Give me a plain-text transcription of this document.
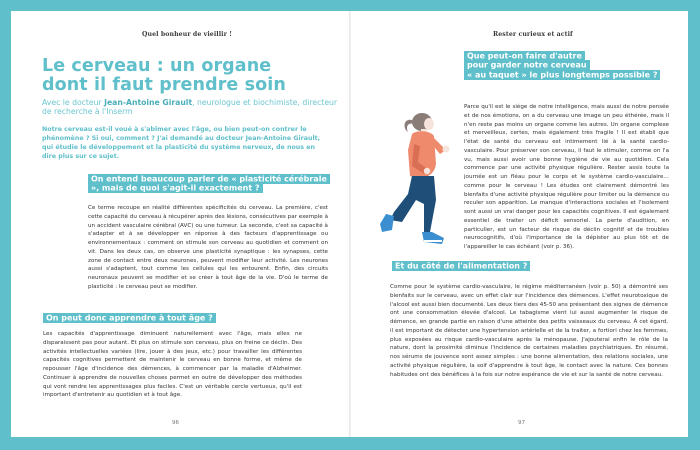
Quel bonheur de vieillir !
Le cerveau : un organe
dont il faut prendre soin
Avec le docteur Jean-Antoine Girault, neurologue et biochimiste, directeur de recherche à l'Inserm
Notre cerveau est-il voué à s'abîmer avec l'âge, ou bien peut-on contrer le phénomène ? Si oui, comment ? J'ai demandé au docteur Jean-Antoine Girault, qui étudie le développement et la plasticité du système nerveux, de nous en dire plus sur ce sujet.
On entend beaucoup parler de « plasticité cérébrale », mais de quoi s'agit-il exactement ?

Ce terme recoupe en réalité différentes spécificités du cerveau. La première, c'est cette capacité du cerveau à récupérer après des lésions, consécutives par exemple à un accident vasculaire cérébral (AVC) ou une tumeur. La seconde, c'est sa capacité à s'adapter et à se développer en réponse à des facteurs d'apprentissage ou environnementaux : comment on stimule son cerveau au quotidien et comment on vit. Dans les deux cas, on observe une plasticité synaptique : les synapses, cette zone de contact entre deux neurones, peuvent modifier leur activité. Les neurones aussi s'adaptent, tout comme les cellules qui les entourent. Enfin, des circuits neuronaux peuvent se modifier et se créer à tout âge de la vie. D'où le terme de plasticité : le cerveau peut se modifier.

On peut donc apprendre à tout âge ?

Les capacités d'apprentissage diminuent naturellement avec l'âge, mais elles ne disparaissent pas pour autant. Et plus on stimule son cerveau, plus on freine ce déclin. Des activités intellectuelles variées (lire, jouer à des jeux, etc.) pour travailler les différentes capacités cognitives permettent de maintenir le cerveau en bonne forme, et même de repousser l'âge d'incidence des démences, à commencer par la maladie d'Alzheimer. Continuer à apprendre de nouvelles choses permet en outre de développer des méthodes qui vont rendre les apprentissages plus faciles. C'est un véritable cercle vertueux, qu'il est important d'entretenir au quotidien et à tout âge.

96
Rester curieux et actif
Que peut-on faire d'autre
pour garder notre cerveau
« au taquet » le plus longtemps possible ?

Parce qu'il est le siège de notre intelligence, mais aussi de notre pensée et de nos émotions, on a du cerveau une image un peu éthérée, mais il n'en reste pas moins un organe comme les autres. Un organe complexe et merveilleux, certes, mais également très fragile ! Il est établi que l'état de santé du cerveau est intimement lié à la santé cardio-vasculaire. Pour préserver son cerveau, il faut le stimuler, comme on l'a vu, mais aussi avoir une bonne hygiène de vie au quotidien. Cela commence par une activité physique régulière. Rester assis toute la journée est un fléau pour le corps et le système cardio-vasculaire… comme pour le cerveau ! Les études ont clairement démontré les bienfaits d'une activité physique régulière pour limiter ou la démence ou reculer son apparition. Le manque d'interactions sociales et l'isolement sont aussi un vrai danger pour les capacités cognitives. Il est également essentiel de traiter un déficit sensoriel. La perte d'audition, en particulier, est un facteur de risque de déclin cognitif et de troubles neurocognitifs, d'où l'importance de la dépister au plus tôt et de l'appareiller le cas échéant (voir p. 36).

Et du côté de l'alimentation ?

Comme pour le système cardio-vasculaire, le régime méditerranéen (voir p. 50) a démontré ses bienfaits sur le cerveau, avec un effet clair sur l'incidence des démences. L'effet neurotoxique de l'alcool est aussi bien documenté. Les deux tiers des 45-50 ans présentant des signes de démence ont une consommation élevée d'alcool. Le tabagisme vient lui aussi augmenter le risque de démence, en grande partie en raison d'une atteinte des petits vaisseaux du cerveau. À cet égard, il est important de détecter une hypertension artérielle et de la traiter, a fortiori chez les femmes, plus exposées au risque cardio-vasculaire après la ménopause. J'ajouterai enfin le rôle de la nature, dont la proximité diminue l'incidence de certaines maladies psychiatriques. En résumé, nos sérums de jouvence sont assez simples : une bonne alimentation, des relations sociales, une activité physique régulière, la soif d'apprendre à tout âge, le contact avec la nature. Ces bonnes habitudes ont des bénéfices à la fois sur notre espérance de vie et sur la santé de notre cerveau.

97
